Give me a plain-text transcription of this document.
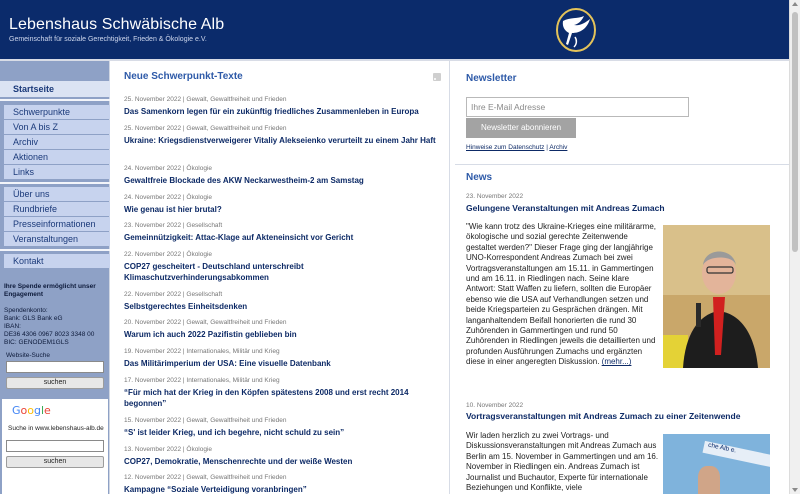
Lebenshaus Schwäbische Alb
Gemeinschaft für soziale Gerechtigkeit, Frieden & Ökologie e.V.
Startseite
Schwerpunkte
Von A bis Z
Archiv
Aktionen
Links
Über uns
Rundbriefe
Presseinformationen
Veranstaltungen
Kontakt
Ihre Spende ermöglicht unser Engagement
Spendenkonto:
Bank: GLS Bank eG
IBAN:
DE36 4306 0967 8023 3348 00
BIC: GENODEM1GLS
Website-Suche
suchen
Google
Suche in www.lebenshaus-alb.de
suchen
Neue Schwerpunkt-Texte
25. November 2022 | Gewalt, Gewaltfreiheit und Frieden
Das Samenkorn legen für ein zukünftig friedliches Zusammenleben in Europa
25. November 2022 | Gewalt, Gewaltfreiheit und Frieden
Ukraine: Kriegsdienstverweigerer Vitaliy Alekseienko verurteilt zu einem Jahr Haft
24. November 2022 | Ökologie
Gewaltfreie Blockade des AKW Neckarwestheim-2 am Samstag
24. November 2022 | Ökologie
Wie genau ist hier brutal?
23. November 2022 | Gesellschaft
Gemeinnützigkeit: Attac-Klage auf Akteneinsicht vor Gericht
22. November 2022 | Ökologie
COP27 gescheitert - Deutschland unterschreibt Klimaschutzverhinderungsabkommen
22. November 2022 | Gesellschaft
Selbstgerechtes Einheitsdenken
20. November 2022 | Gewalt, Gewaltfreiheit und Frieden
Warum ich auch 2022 Pazifistin geblieben bin
19. November 2022 | Internationales, Militär und Krieg
Das Militärimperium der USA: Eine visuelle Datenbank
17. November 2022 | Internationales, Militär und Krieg
“Für mich hat der Krieg in den Köpfen spätestens 2008 und erst recht 2014 begonnen”
15. November 2022 | Gewalt, Gewaltfreiheit und Frieden
“S' ist leider Krieg, und ich begehre, nicht schuld zu sein”
13. November 2022 | Ökologie
COP27, Demokratie, Menschenrechte und der weiße Westen
12. November 2022 | Gewalt, Gewaltfreiheit und Frieden
Kampagne “Soziale Verteidigung voranbringen”
Newsletter
Ihre E-Mail Adresse
Newsletter abonnieren
Hinweise zum Datenschutz | Archiv
News
23. November 2022
Gelungene Veranstaltungen mit Andreas Zumach
"Wie kann trotz des Ukraine-Krieges eine militärarme, ökologische und sozial gerechte Zeitenwende gestaltet werden?" Dieser Frage ging der langjährige UNO-Korrespondent Andreas Zumach bei zwei Vortragsveranstaltungen am 15.11. in Gammertingen und am 16.11. in Riedlingen nach. Seine klare Antwort: Statt Waffen zu liefern, sollten die Europäer ebenso wie die USA auf Verhandlungen setzen und beide Kriegsparteien zu Gesprächen drängen. Mit langanhaltendem Beifall honorierten die rund 30 Zuhörenden in Gammertingen und rund 50 Zuhörenden in Riedlingen jeweils die detaillierten und profunden Ausführungen Zumachs und ergänzten diese in einer angeregten Diskussion. (mehr...)
10. November 2022
Vortragsveranstaltungen mit Andreas Zumach zu einer Zeitenwende
Wir laden herzlich zu zwei Vortrags- und Diskussionsveranstaltungen mit Andreas Zumach aus Berlin am 15. November in Gammertingen und am 16. November in Riedlingen ein. Andreas Zumach ist Journalist und Buchautor, Experte für internationale Beziehungen und Konflikte, viele
che Alb e.
